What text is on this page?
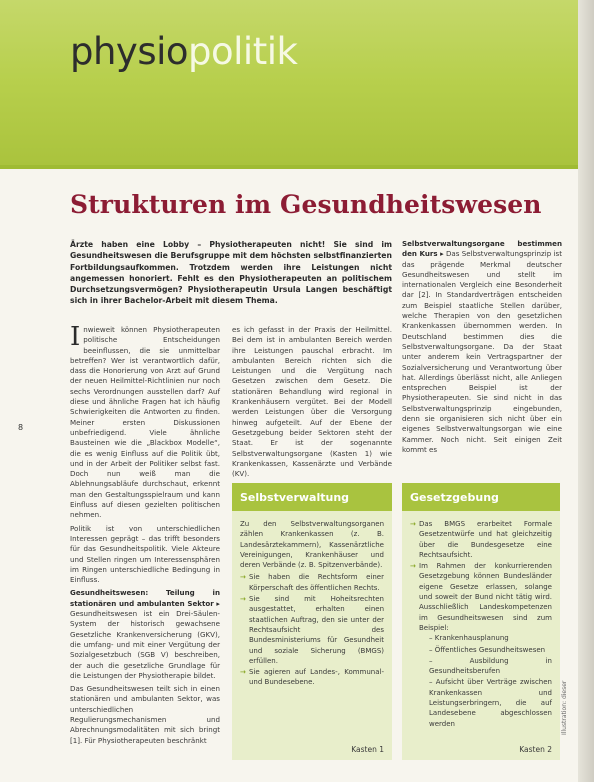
physiopolitik
Strukturen im Gesundheitswesen

Ärzte haben eine Lobby – Physiotherapeuten nicht! Sie sind im Gesundheitswesen die Berufsgruppe mit dem höchsten selbstfinanzierten Fortbildungsaufkommen. Trotzdem werden ihre Leistungen nicht angemessen honoriert. Fehlt es den Physiotherapeuten an politischem Durchsetzungsvermögen? Physiotherapeutin Ursula Langen beschäftigt sich in ihrer Bachelor-Arbeit mit diesem Thema.

Inwieweit können Physiotherapeuten politische Entscheidungen beeinflussen, die sie unmittelbar betreffen? Wer ist verantwortlich dafür, dass die Honorierung von Arzt auf Grund der neuen Heilmittel-Richtlinien nur noch sechs Verordnungen ausstellen darf? Auf diese und ähnliche Fragen hat ich häufig Schwierigkeiten die Antworten zu finden. Meiner ersten Diskussionen unbefriedigend. Viele ähnliche Bausteinen wie die „Blackbox Modelle“, die es wenig Einfluss auf die Politik übt, und in der Arbeit der Politiker selbst fast. Doch nun weiß man die Ablehnungsabläufe durchschaut, erkennt man den Gestaltungsspielraum und kann Einfluss auf diesen gezielten politischen nehmen.

Politik ist von unterschiedlichen Interessen geprägt – das trifft besonders für das Gesundheitspolitik. Viele Akteure und Stellen ringen um Interessensphären im Ringen unterschiedliche Bedingung in Einfluss.

Gesundheitswesen: Teilung in stationären und ambulanten Sektor ▸ Gesundheitswesen ist ein Drei-Säulen-System der historisch gewachsene Gesetzliche Krankenversicherung (GKV), die umfang- und mit einer Vergütung der Sozialgesetzbuch (SGB V) beschreiben, der auch die gesetzliche Grundlage für die Leistungen der Physiotherapie bildet.

Das Gesundheitswesen teilt sich in einen stationären und ambulanten Sektor, was unterschiedlichen Regulierungsmechanismen und Abrechnungsmodalitäten mit sich bringt [1]. Für Physiotherapeuten beschränkt

es ich gefasst in der Praxis der Heilmittel. Bei dem ist in ambulanten Bereich werden ihre Leistungen pauschal erbracht. Im ambulanten Bereich richten sich die Leistungen und die Vergütung nach Gesetzen zwischen dem Gesetz. Die stationären Behandlung wird regional in Krankenhäusern vergütet. Bei der Modell werden Leistungen über die Versorgung hinweg aufgeteilt. Auf der Ebene der Gesetzgebung beider Sektoren steht der Staat. Er ist der sogenannte Selbstverwaltungsorgane (Kasten 1) wie Krankenkassen, Kassenärzte und Verbände (KV).

Selbstverwaltungsorgane bestimmen den Kurs ▸ Das Selbstverwaltungsprinzip ist das prägende Merkmal deutscher Gesundheitswesen und stellt im internationalen Vergleich eine Besonderheit dar [2]. In Standardverträgen entscheiden zum Beispiel staatliche Stellen darüber, welche Therapien von den gesetzlichen Krankenkassen übernommen werden. In Deutschland bestimmen dies die Selbstverwaltungsorgane. Da der Staat unter anderem kein Vertragspartner der Sozialversicherung und Verantwortung über hat. Allerdings überlässt nicht, alle Anliegen entsprechen Beispiel ist der Physiotherapeuten. Sie sind nicht in das Selbstverwaltungsprinzip eingebunden, denn sie organisieren sich nicht über ein eigenes Selbstverwaltungsorgan wie eine Kammer. Noch nicht. Seit einigen Zeit kommt es

8
Selbstverwaltung

Zu den Selbstverwaltungsorganen zählen Krankenkassen (z. B. Landesärztekammern), Kassenärztliche Vereinigungen, Krankenhäuser und deren Verbände (z. B. Spitzenverbände).

→ Sie haben die Rechtsform einer Körperschaft des öffentlichen Rechts.
→ Sie sind mit Hoheitsrechten ausgestattet, erhalten einen staatlichen Auftrag, den sie unter der Rechtsaufsicht des Bundesministeriums für Gesundheit und soziale Sicherung (BMGS) erfüllen.
→ Sie agieren auf Landes-, Kommunal- und Bundesebene.
Kasten 1
Gesetzgebung
→ Das BMGS erarbeitet Formale Gesetzentwürfe und hat gleichzeitig über die Bundesgesetze eine Rechtsaufsicht.
→ Im Rahmen der konkurrierenden Gesetzgebung können Bundesländer eigene Gesetze erlassen, solange und soweit der Bund nicht tätig wird. Ausschließlich Landeskompetenzen im Gesundheitswesen sind zum Beispiel:
– Krankenhausplanung
– Öffentliches Gesundheitswesen
– Ausbildung in Gesundheitsberufen
– Aufsicht über Verträge zwischen Krankenkassen und Leistungserbringern, die auf Landesebene abgeschlossen werden
Kasten 2
Illustration: dieser
